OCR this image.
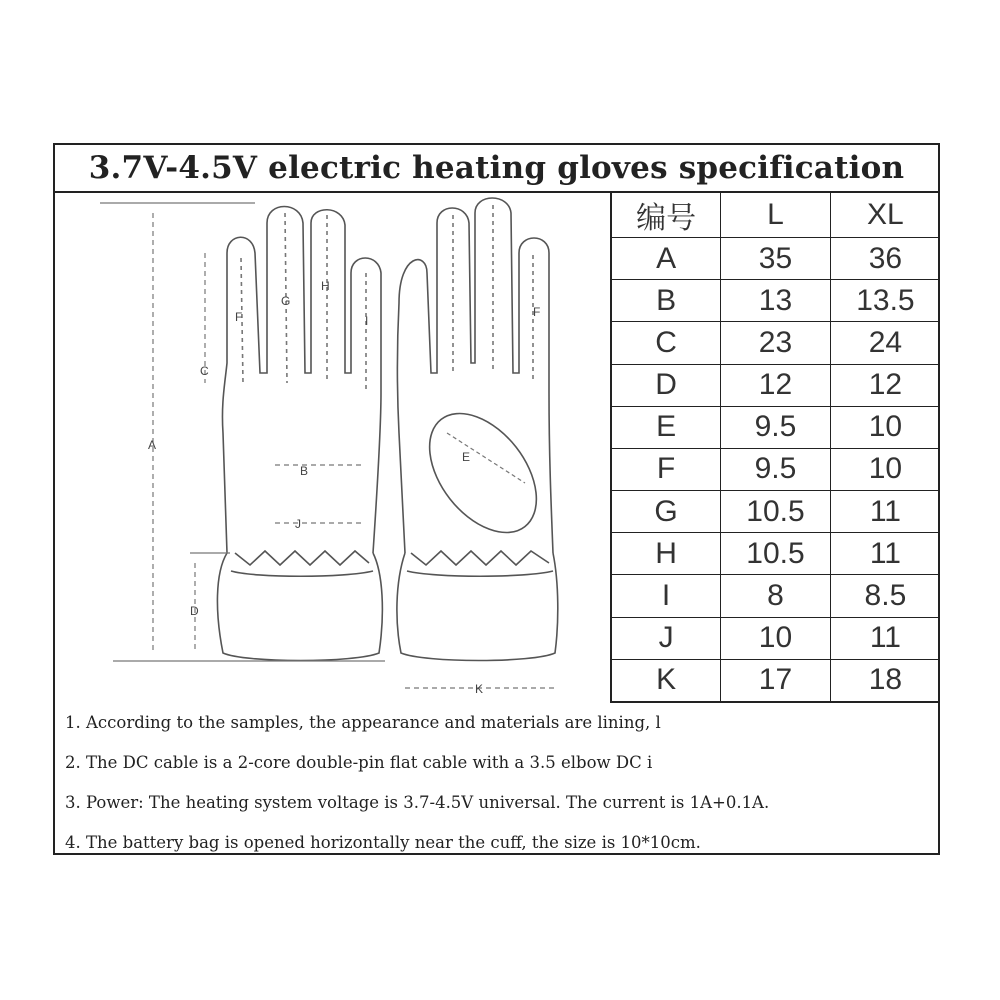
3.7V-4.5V electric heating gloves specification
A
B
C
D
E
F	F
G
H
I
J
K
编号	L	XL
A	35	36
B	13	13.5
C	23	24
D	12	12
E	9.5	10
F	9.5	10
G	10.5	11
H	10.5	11
I	8	8.5
J	10	11
K	17	18
1. According to the samples, the appearance and materials are lining, l
2. The DC cable is a 2-core double-pin flat cable with a 3.5 elbow DC i
3. Power: The heating system voltage is 3.7-4.5V universal. The current is 1A+0.1A.
4. The battery bag is opened horizontally near the cuff, the size is 10*10cm.
